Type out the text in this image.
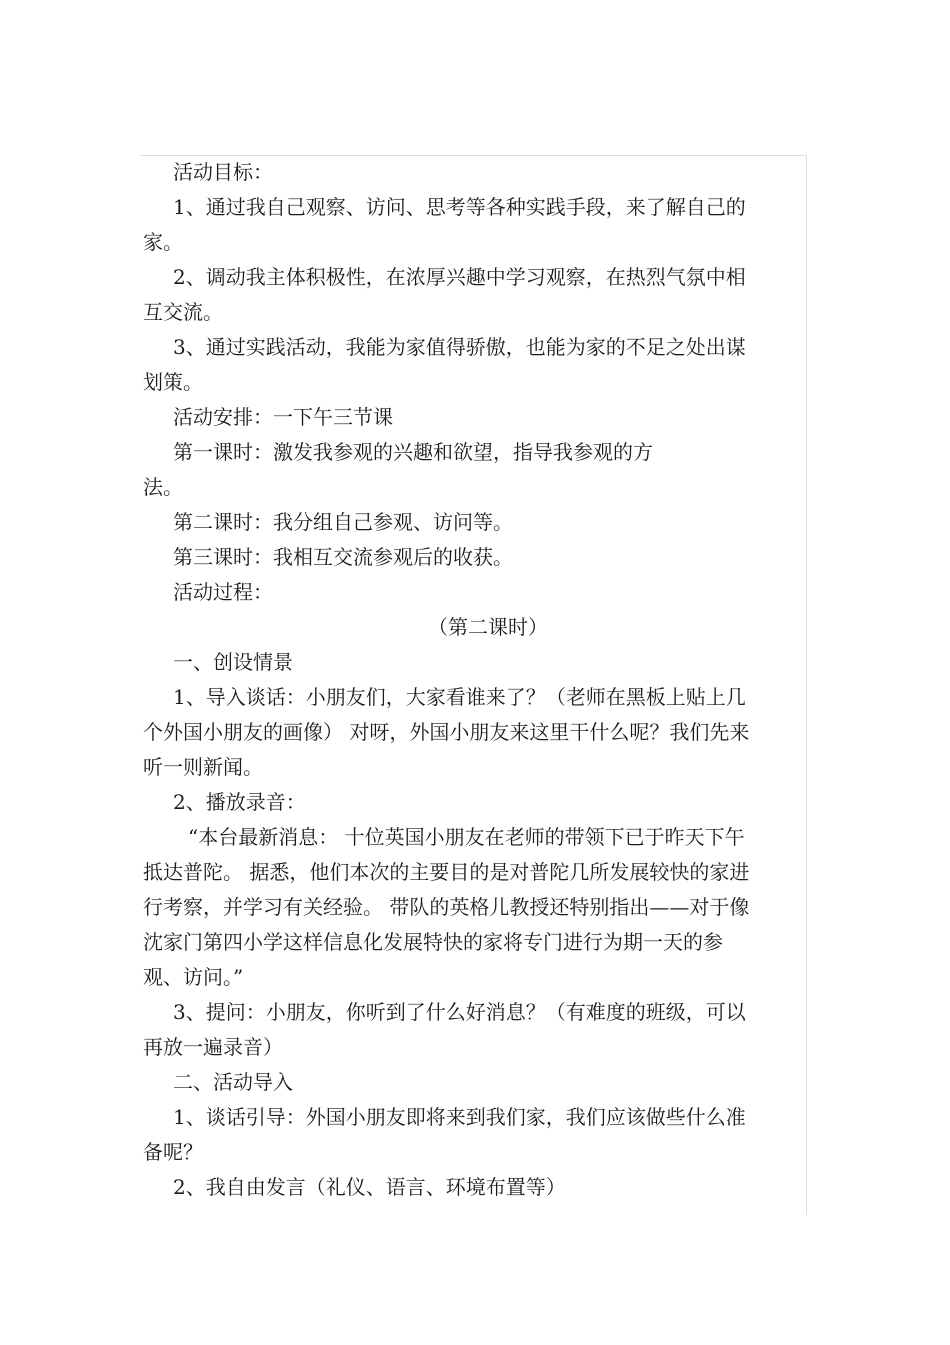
活动目标：
1、通过我自己观察、访问、思考等各种实践手段，来了解自己的
家。
2、调动我主体积极性，在浓厚兴趣中学习观察，在热烈气氛中相
互交流。
3、通过实践活动，我能为家值得骄傲，也能为家的不足之处出谋
划策。
活动安排：一下午三节课
第一课时：激发我参观的兴趣和欲望，指导我参观的方
法。
第二课时：我分组自己参观、访问等。
第三课时：我相互交流参观后的收获。
活动过程：
（第二课时）
一、创设情景
1、导入谈话：小朋友们，大家看谁来了？（老师在黑板上贴上几
个外国小朋友的画像） 对呀，外国小朋友来这里干什么呢？我们先来
听一则新闻。
2、播放录音：
“本台最新消息： 十位英国小朋友在老师的带领下已于昨天下午
抵达普陀。 据悉，他们本次的主要目的是对普陀几所发展较快的家进
行考察，并学习有关经验。 带队的英格儿教授还特别指出——对于像
沈家门第四小学这样信息化发展特快的家将专门进行为期一天的参
观、访问。”
3、提问：小朋友，你听到了什么好消息？（有难度的班级，可以
再放一遍录音）
二、活动导入
1、谈话引导：外国小朋友即将来到我们家，我们应该做些什么准
备呢？
2、我自由发言（礼仪、语言、环境布置等）
